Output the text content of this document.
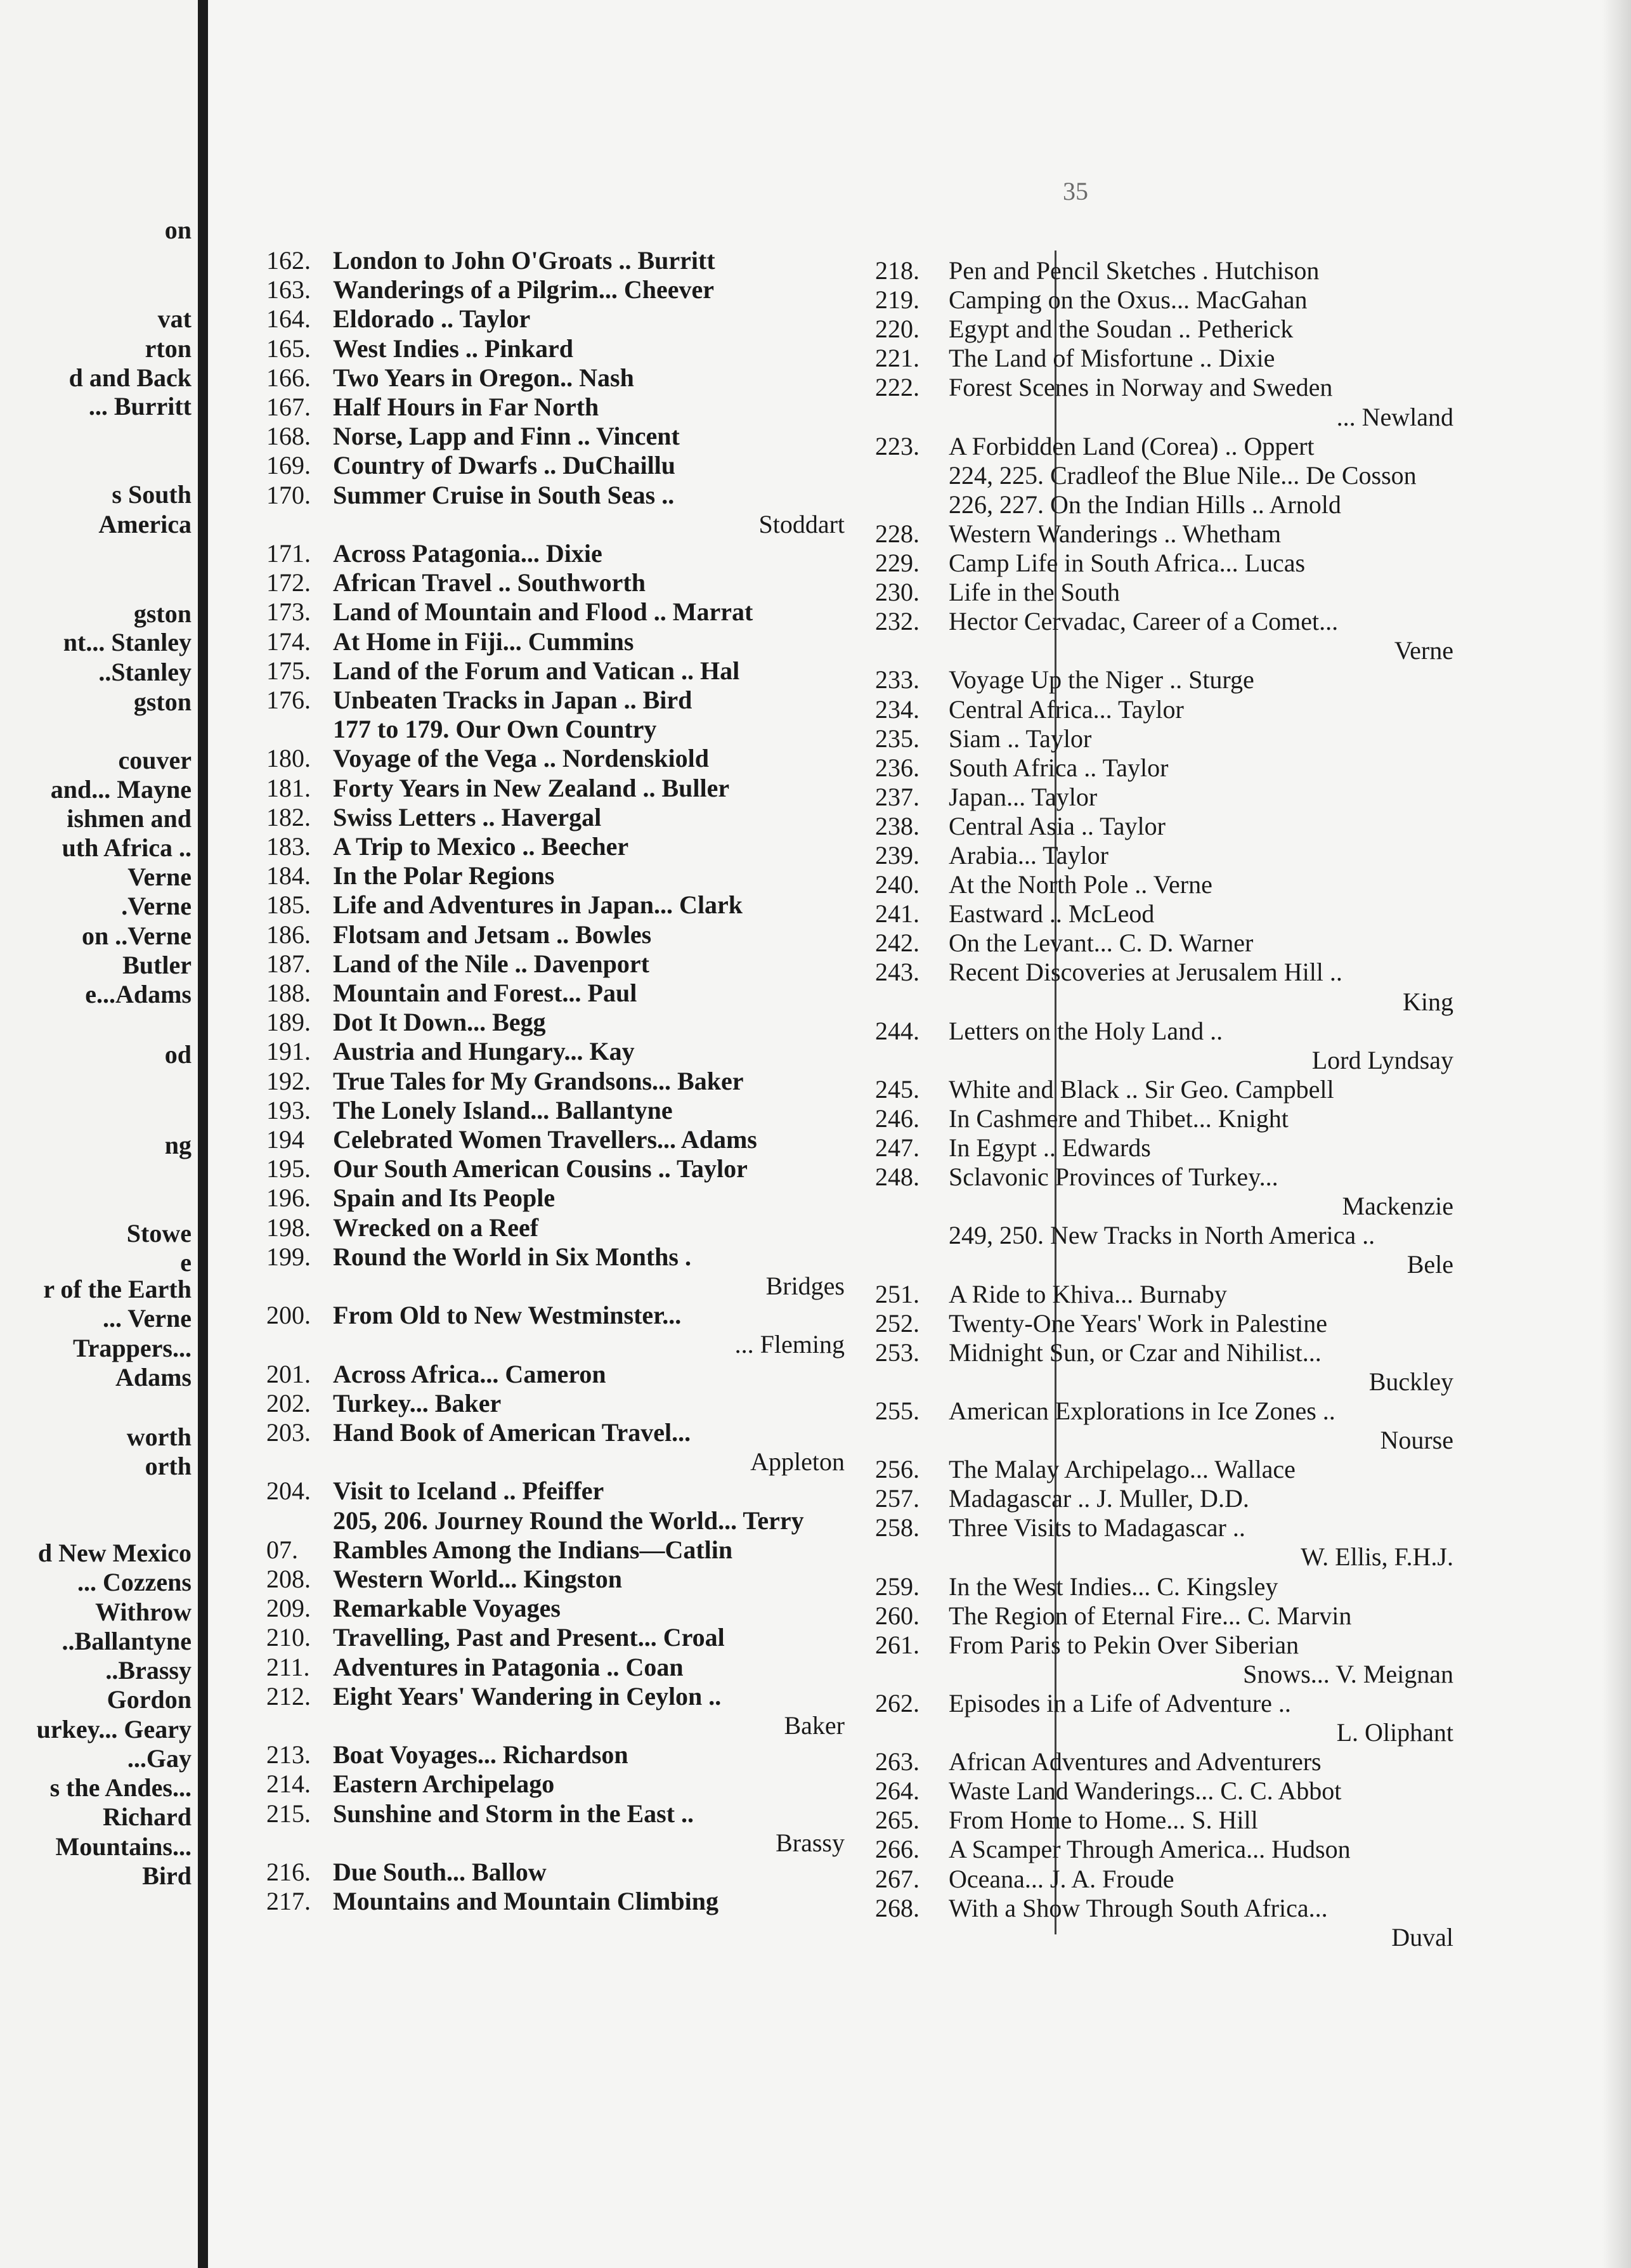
on
vat
rton
d and Back
... Burritt
s South
America
gston
nt... Stanley
..Stanley
gston
couver
and... Mayne
ishmen and
uth Africa ..
Verne
.Verne
on ..Verne
Butler
e...Adams
od
ng
Stowe
e
r of the Earth
... Verne
Trappers...
Adams
worth
orth
d New Mexico
... Cozzens
Withrow
..Ballantyne
..Brassy
Gordon
urkey... Geary
...Gay
s the Andes...
Richard
Mountains...
Bird
35
162. London to John O'Groats .. Burritt
163. Wanderings of a Pilgrim... Cheever
164. Eldorado .. Taylor
165. West Indies .. Pinkard
166. Two Years in Oregon.. Nash
167. Half Hours in Far North
168. Norse, Lapp and Finn .. Vincent
169. Country of Dwarfs .. DuChaillu
170. Summer Cruise in South Seas ..
Stoddart
171. Across Patagonia... Dixie
172. African Travel .. Southworth
173. Land of Mountain and Flood .. Marrat
174. At Home in Fiji... Cummins
175. Land of the Forum and Vatican .. Hal
176. Unbeaten Tracks in Japan .. Bird
177 to 179. Our Own Country
180. Voyage of the Vega .. Nordenskiold
181. Forty Years in New Zealand .. Buller
182. Swiss Letters .. Havergal
183. A Trip to Mexico .. Beecher
184. In the Polar Regions
185. Life and Adventures in Japan... Clark
186. Flotsam and Jetsam .. Bowles
187. Land of the Nile .. Davenport
188. Mountain and Forest... Paul
189. Dot It Down... Begg
191. Austria and Hungary... Kay
192. True Tales for My Grandsons... Baker
193. The Lonely Island... Ballantyne
194	Celebrated Women Travellers... Adams
195. Our South American Cousins .. Taylor
196. Spain and Its People
198. Wrecked on a Reef
199. Round the World in Six Months .
Bridges
200. From Old to New Westminster...
... Fleming
201. Across Africa... Cameron
202. Turkey... Baker
203. Hand Book of American Travel...
Appleton
204. Visit to Iceland .. Pfeiffer
205, 206. Journey Round the World... Terry
07.	Rambles Among the Indians—Catlin
208. Western World... Kingston
209. Remarkable Voyages
210. Travelling, Past and Present... Croal
211. Adventures in Patagonia .. Coan
212. Eight Years' Wandering in Ceylon ..
Baker
213. Boat Voyages... Richardson
214. Eastern Archipelago
215. Sunshine and Storm in the East ..
Brassy
216. Due South... Ballow
217. Mountains and Mountain Climbing
218.	Pen and Pencil Sketches . Hutchison
219.	Camping on the Oxus... MacGahan
220.	Egypt and the Soudan .. Petherick
221.	The Land of Misfortune .. Dixie
222.	Forest Scenes in Norway and Sweden
... Newland
223.	A Forbidden Land (Corea) .. Oppert
224, 225. Cradleof the Blue Nile... De Cosson
226, 227. On the Indian Hills .. Arnold
228.	Western Wanderings .. Whetham
229.	Camp Life in South Africa... Lucas
230.	Life in the South
232.	Hector Cervadac, Career of a Comet...
Verne
233.	Voyage Up the Niger .. Sturge
234.	Central Africa... Taylor
235.	Siam .. Taylor
236.	South Africa .. Taylor
237.	Japan... Taylor
238.	Central Asia .. Taylor
239.	Arabia... Taylor
240.	At the North Pole .. Verne
241.	Eastward .. McLeod
242.	On the Levant... C. D. Warner
243.	Recent Discoveries at Jerusalem Hill ..
King
244.	Letters on the Holy Land ..
Lord Lyndsay
245.	White and Black .. Sir Geo. Campbell
246.	In Cashmere and Thibet... Knight
247.	In Egypt .. Edwards
248.	Sclavonic Provinces of Turkey...
Mackenzie
249, 250. New Tracks in North America ..
Bele
251.	A Ride to Khiva... Burnaby
252.	Twenty-One Years' Work in Palestine
253.	Midnight Sun, or Czar and Nihilist...
Buckley
255.	American Explorations in Ice Zones ..
Nourse
256.	The Malay Archipelago... Wallace
257.	Madagascar .. J. Muller, D.D.
258.	Three Visits to Madagascar ..
W. Ellis, F.H.J.
259.	In the West Indies... C. Kingsley
260.	The Region of Eternal Fire... C. Marvin
261.	From Paris to Pekin Over Siberian
Snows... V. Meignan
262.	Episodes in a Life of Adventure ..
L. Oliphant
263.	African Adventures and Adventurers
264.	Waste Land Wanderings... C. C. Abbot
265.	From Home to Home... S. Hill
266.	A Scamper Through America... Hudson
267.	Oceana... J. A. Froude
268.	With a Show Through South Africa...
Duval
